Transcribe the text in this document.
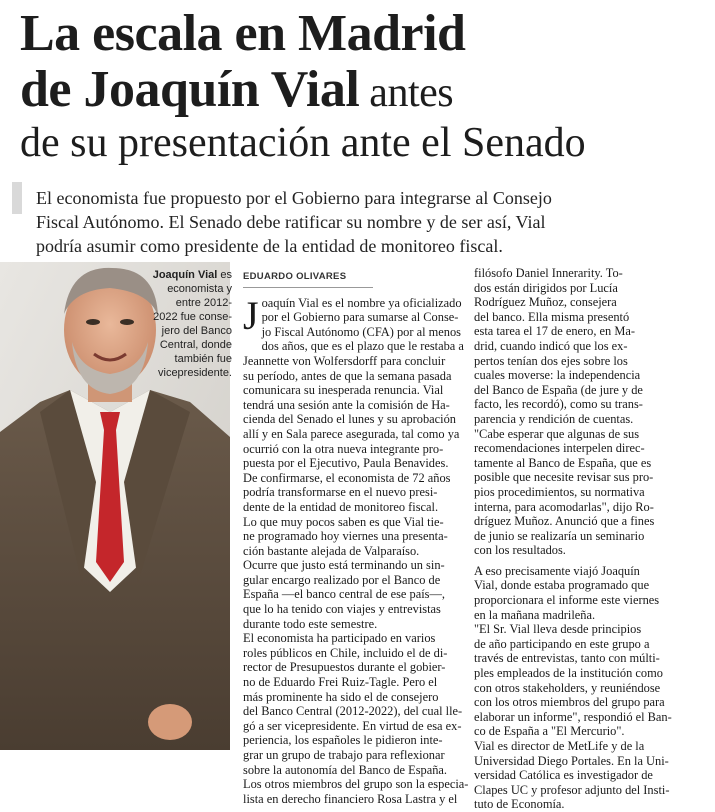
La escala en Madrid
de Joaquín Vial antes
de su presentación ante el Senado
El economista fue propuesto por el Gobierno para integrarse al Consejo
Fiscal Autónomo. El Senado debe ratificar su nombre y de ser así, Vial
podría asumir como presidente de la entidad de monitoreo fiscal.
Joaquín Vial es
economista y
entre 2012-
2022 fue conse-
jero del Banco
Central, donde
también fue
vicepresidente.
EDUARDO OLIVARES
J oaquín Vial es el nombre ya oficializado
por el Gobierno para sumarse al Conse-
jo Fiscal Autónomo (CFA) por al menos
dos años, que es el plazo que le restaba a
Jeannette von Wolfersdorff para concluir
su período, antes de que la semana pasada
comunicara su inesperada renuncia. Vial
tendrá una sesión ante la comisión de Ha-
cienda del Senado el lunes y su aprobación
allí y en Sala parece asegurada, tal como ya
ocurrió con la otra nueva integrante pro-
puesta por el Ejecutivo, Paula Benavides.
De confirmarse, el economista de 72 años
podría transformarse en el nuevo presi-
dente de la entidad de monitoreo fiscal.
Lo que muy pocos saben es que Vial tie-
ne programado hoy viernes una presenta-
ción bastante alejada de Valparaíso.
Ocurre que justo está terminando un sin-
gular encargo realizado por el Banco de
España —el banco central de ese país—,
que lo ha tenido con viajes y entrevistas
durante todo este semestre.
El economista ha participado en varios
roles públicos en Chile, incluido el de di-
rector de Presupuestos durante el gobier-
no de Eduardo Frei Ruiz-Tagle. Pero el
más prominente ha sido el de consejero
del Banco Central (2012-2022), del cual lle-
gó a ser vicepresidente. En virtud de esa ex-
periencia, los españoles le pidieron inte-
grar un grupo de trabajo para reflexionar
sobre la autonomía del Banco de España.
Los otros miembros del grupo son la especia-
lista en derecho financiero Rosa Lastra y el
filósofo Daniel Innerarity. To-
dos están dirigidos por Lucía
Rodríguez Muñoz, consejera
del banco. Ella misma presentó
esta tarea el 17 de enero, en Ma-
drid, cuando indicó que los ex-
pertos tenían dos ejes sobre los
cuales moverse: la independencia
del Banco de España (de jure y de
facto, les recordó), como su trans-
parencia y rendición de cuentas.
"Cabe esperar que algunas de sus
recomendaciones interpelen direc-
tamente al Banco de España, que es
posible que necesite revisar sus pro-
pios procedimientos, su normativa
interna, para acomodarlas", dijo Ro-
dríguez Muñoz. Anunció que a fines
de junio se realizaría un seminario
con los resultados.
A eso precisamente viajó Joaquín
Vial, donde estaba programado que
proporcionara el informe este viernes
en la mañana madrileña.
"El Sr. Vial lleva desde principios
de año participando en este grupo a
través de entrevistas, tanto con múlti-
ples empleados de la institución como
con otros stakeholders, y reuniéndose
con los otros miembros del grupo para
elaborar un informe", respondió el Ban-
co de España a "El Mercurio".
Vial es director de MetLife y de la
Universidad Diego Portales. En la Uni-
versidad Católica es investigador de
Clapes UC y profesor adjunto del Insti-
tuto de Economía.
